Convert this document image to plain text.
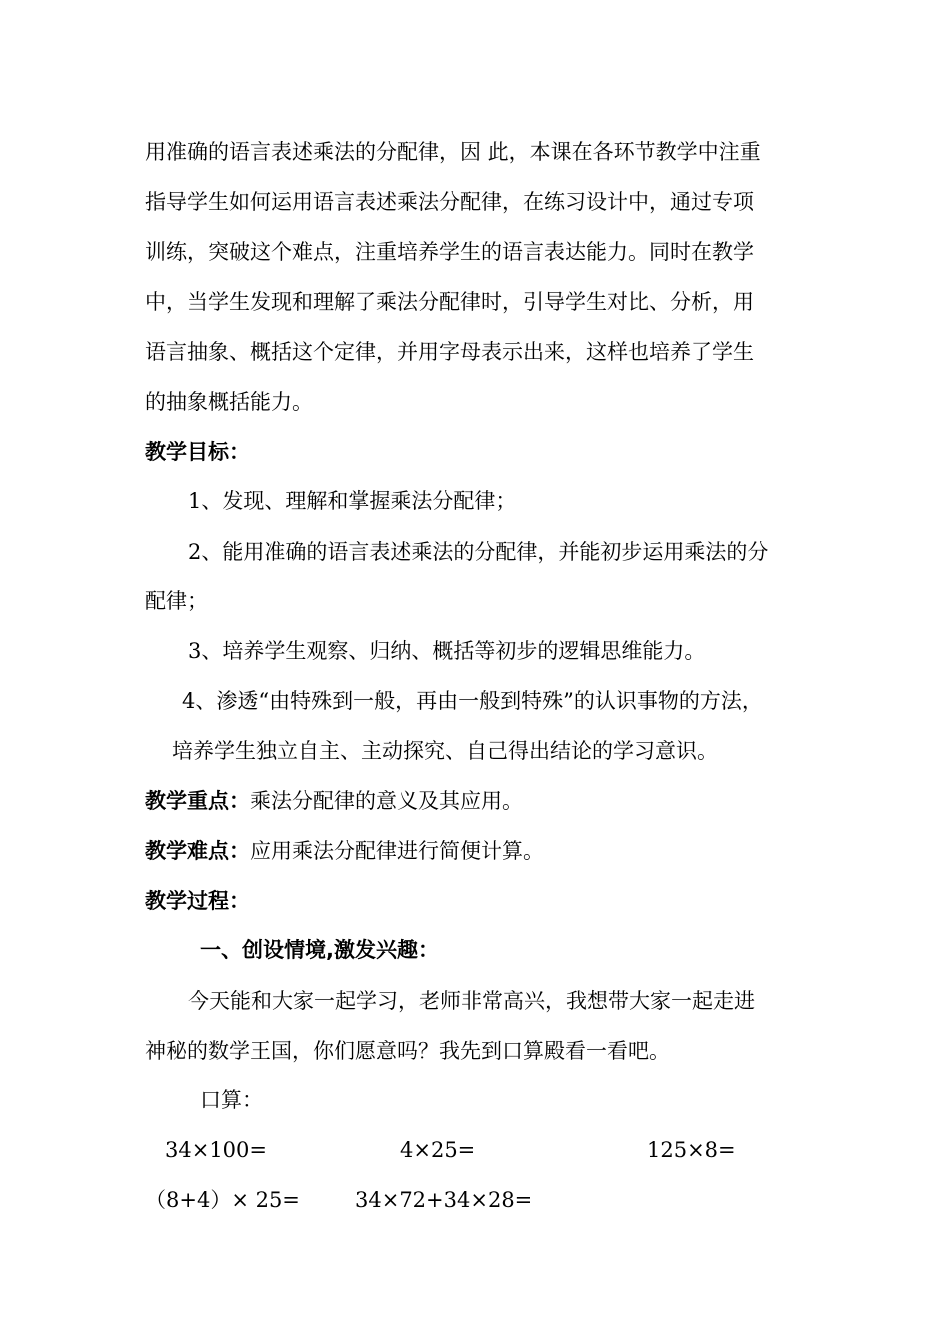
用准确的语言表述乘法的分配律，因 此，本课在各环节教学中注重
指导学生如何运用语言表述乘法分配律，在练习设计中，通过专项
训练，突破这个难点，注重培养学生的语言表达能力。同时在教学
中，当学生发现和理解了乘法分配律时，引导学生对比、分析，用
语言抽象、概括这个定律，并用字母表示出来，这样也培养了学生
的抽象概括能力。
教学目标：
1、发现、理解和掌握乘法分配律；
2、能用准确的语言表述乘法的分配律，并能初步运用乘法的分
配律；
3、培养学生观察、归纳、概括等初步的逻辑思维能力。
4、渗透“由特殊到一般，再由一般到特殊”的认识事物的方法，
培养学生独立自主、主动探究、自己得出结论的学习意识。
教学重点：乘法分配律的意义及其应用。
教学难点：应用乘法分配律进行简便计算。
教学过程：
一、创设情境,激发兴趣：
今天能和大家一起学习，老师非常高兴，我想带大家一起走进
神秘的数学王国，你们愿意吗？我先到口算殿看一看吧。
口算：
34×100=	4×25=	125×8=
（8+4）× 25=	34×72+34×28=
